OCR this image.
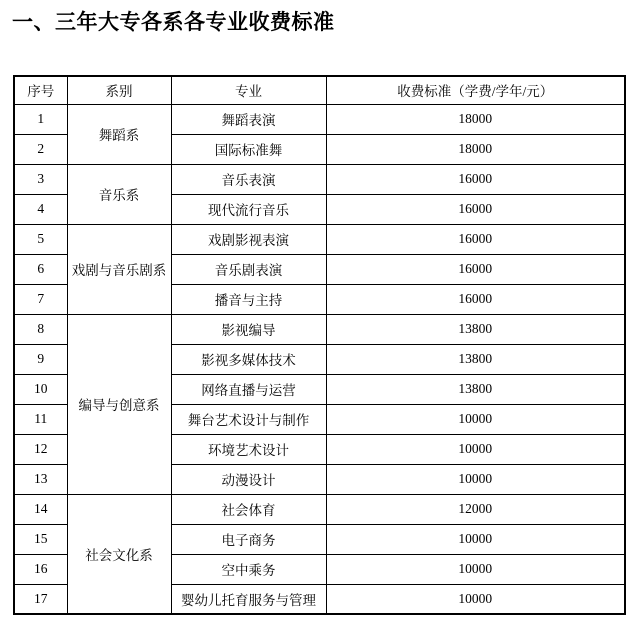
一、三年大专各系各专业收费标准
序号	系别	专业	收费标准（学费/学年/元）
1	舞蹈系	舞蹈表演	18000
2		国际标准舞	18000
3	音乐系	音乐表演	16000
4		现代流行音乐	16000
5	戏剧与音乐剧系	戏剧影视表演	16000
6		音乐剧表演	16000
7		播音与主持	16000
8	编导与创意系	影视编导	13800
9		影视多媒体技术	13800
10		网络直播与运营	13800
11		舞台艺术设计与制作	10000
12		环境艺术设计	10000
13		动漫设计	10000
14	社会文化系	社会体育	12000
15		电子商务	10000
16		空中乘务	10000
17		婴幼儿托育服务与管理	10000
